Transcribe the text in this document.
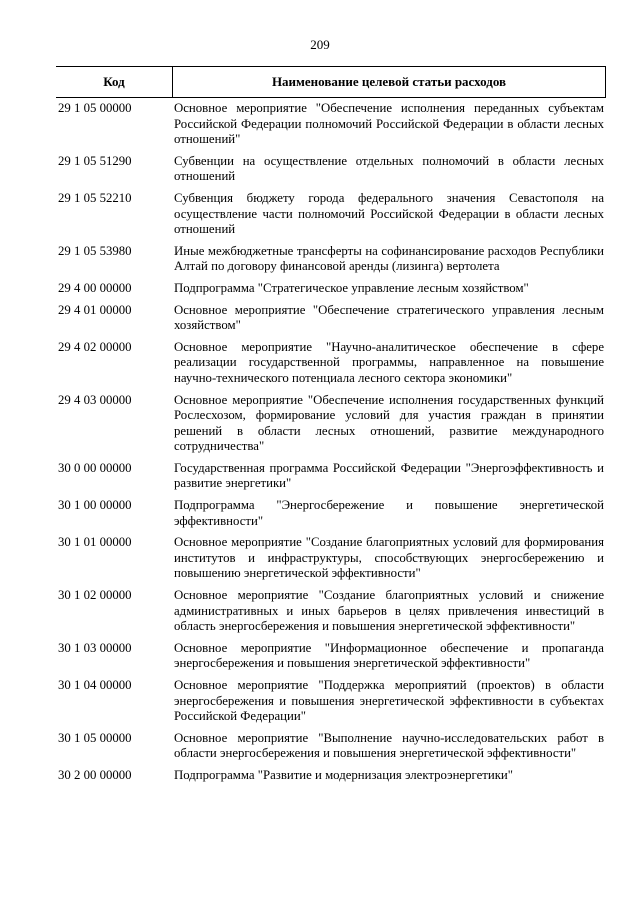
209
Код	Наименование целевой статьи расходов
29 1 05 00000	Основное мероприятие "Обеспечение исполнения переданных субъектам Российской Федерации полномочий Российской Федерации в области лесных отношений"
29 1 05 51290	Субвенции на осуществление отдельных полномочий в области лесных отношений
29 1 05 52210	Субвенция бюджету города федерального значения Севастополя на осуществление части полномочий Российской Федерации в области лесных отношений
29 1 05 53980	Иные межбюджетные трансферты на софинансирование расходов Республики Алтай по договору финансовой аренды (лизинга) вертолета
29 4 00 00000	Подпрограмма "Стратегическое управление лесным хозяйством"
29 4 01 00000	Основное мероприятие "Обеспечение стратегического управления лесным хозяйством"
29 4 02 00000	Основное мероприятие "Научно-аналитическое обеспечение в сфере реализации государственной программы, направленное на повышение научно-технического потенциала лесного сектора экономики"
29 4 03 00000	Основное мероприятие "Обеспечение исполнения государственных функций Рослесхозом, формирование условий для участия граждан в принятии решений в области лесных отношений, развитие международного сотрудничества"
30 0 00 00000	Государственная программа Российской Федерации "Энергоэффективность и развитие энергетики"
30 1 00 00000	Подпрограмма "Энергосбережение и повышение энергетической эффективности"
30 1 01 00000	Основное мероприятие "Создание благоприятных условий для формирования институтов и инфраструктуры, способствующих энергосбережению и повышению энергетической эффективности"
30 1 02 00000	Основное мероприятие "Создание благоприятных условий и снижение административных и иных барьеров в целях привлечения инвестиций в область энергосбережения и повышения энергетической эффективности"
30 1 03 00000	Основное мероприятие "Информационное обеспечение и пропаганда энергосбережения и повышения энергетической эффективности"
30 1 04 00000	Основное мероприятие "Поддержка мероприятий (проектов) в области энергосбережения и повышения энергетической эффективности в субъектах Российской Федерации"
30 1 05 00000	Основное мероприятие "Выполнение научно-исследовательских работ в области энергосбережения и повышения энергетической эффективности"
30 2 00 00000	Подпрограмма "Развитие и модернизация электроэнергетики"
